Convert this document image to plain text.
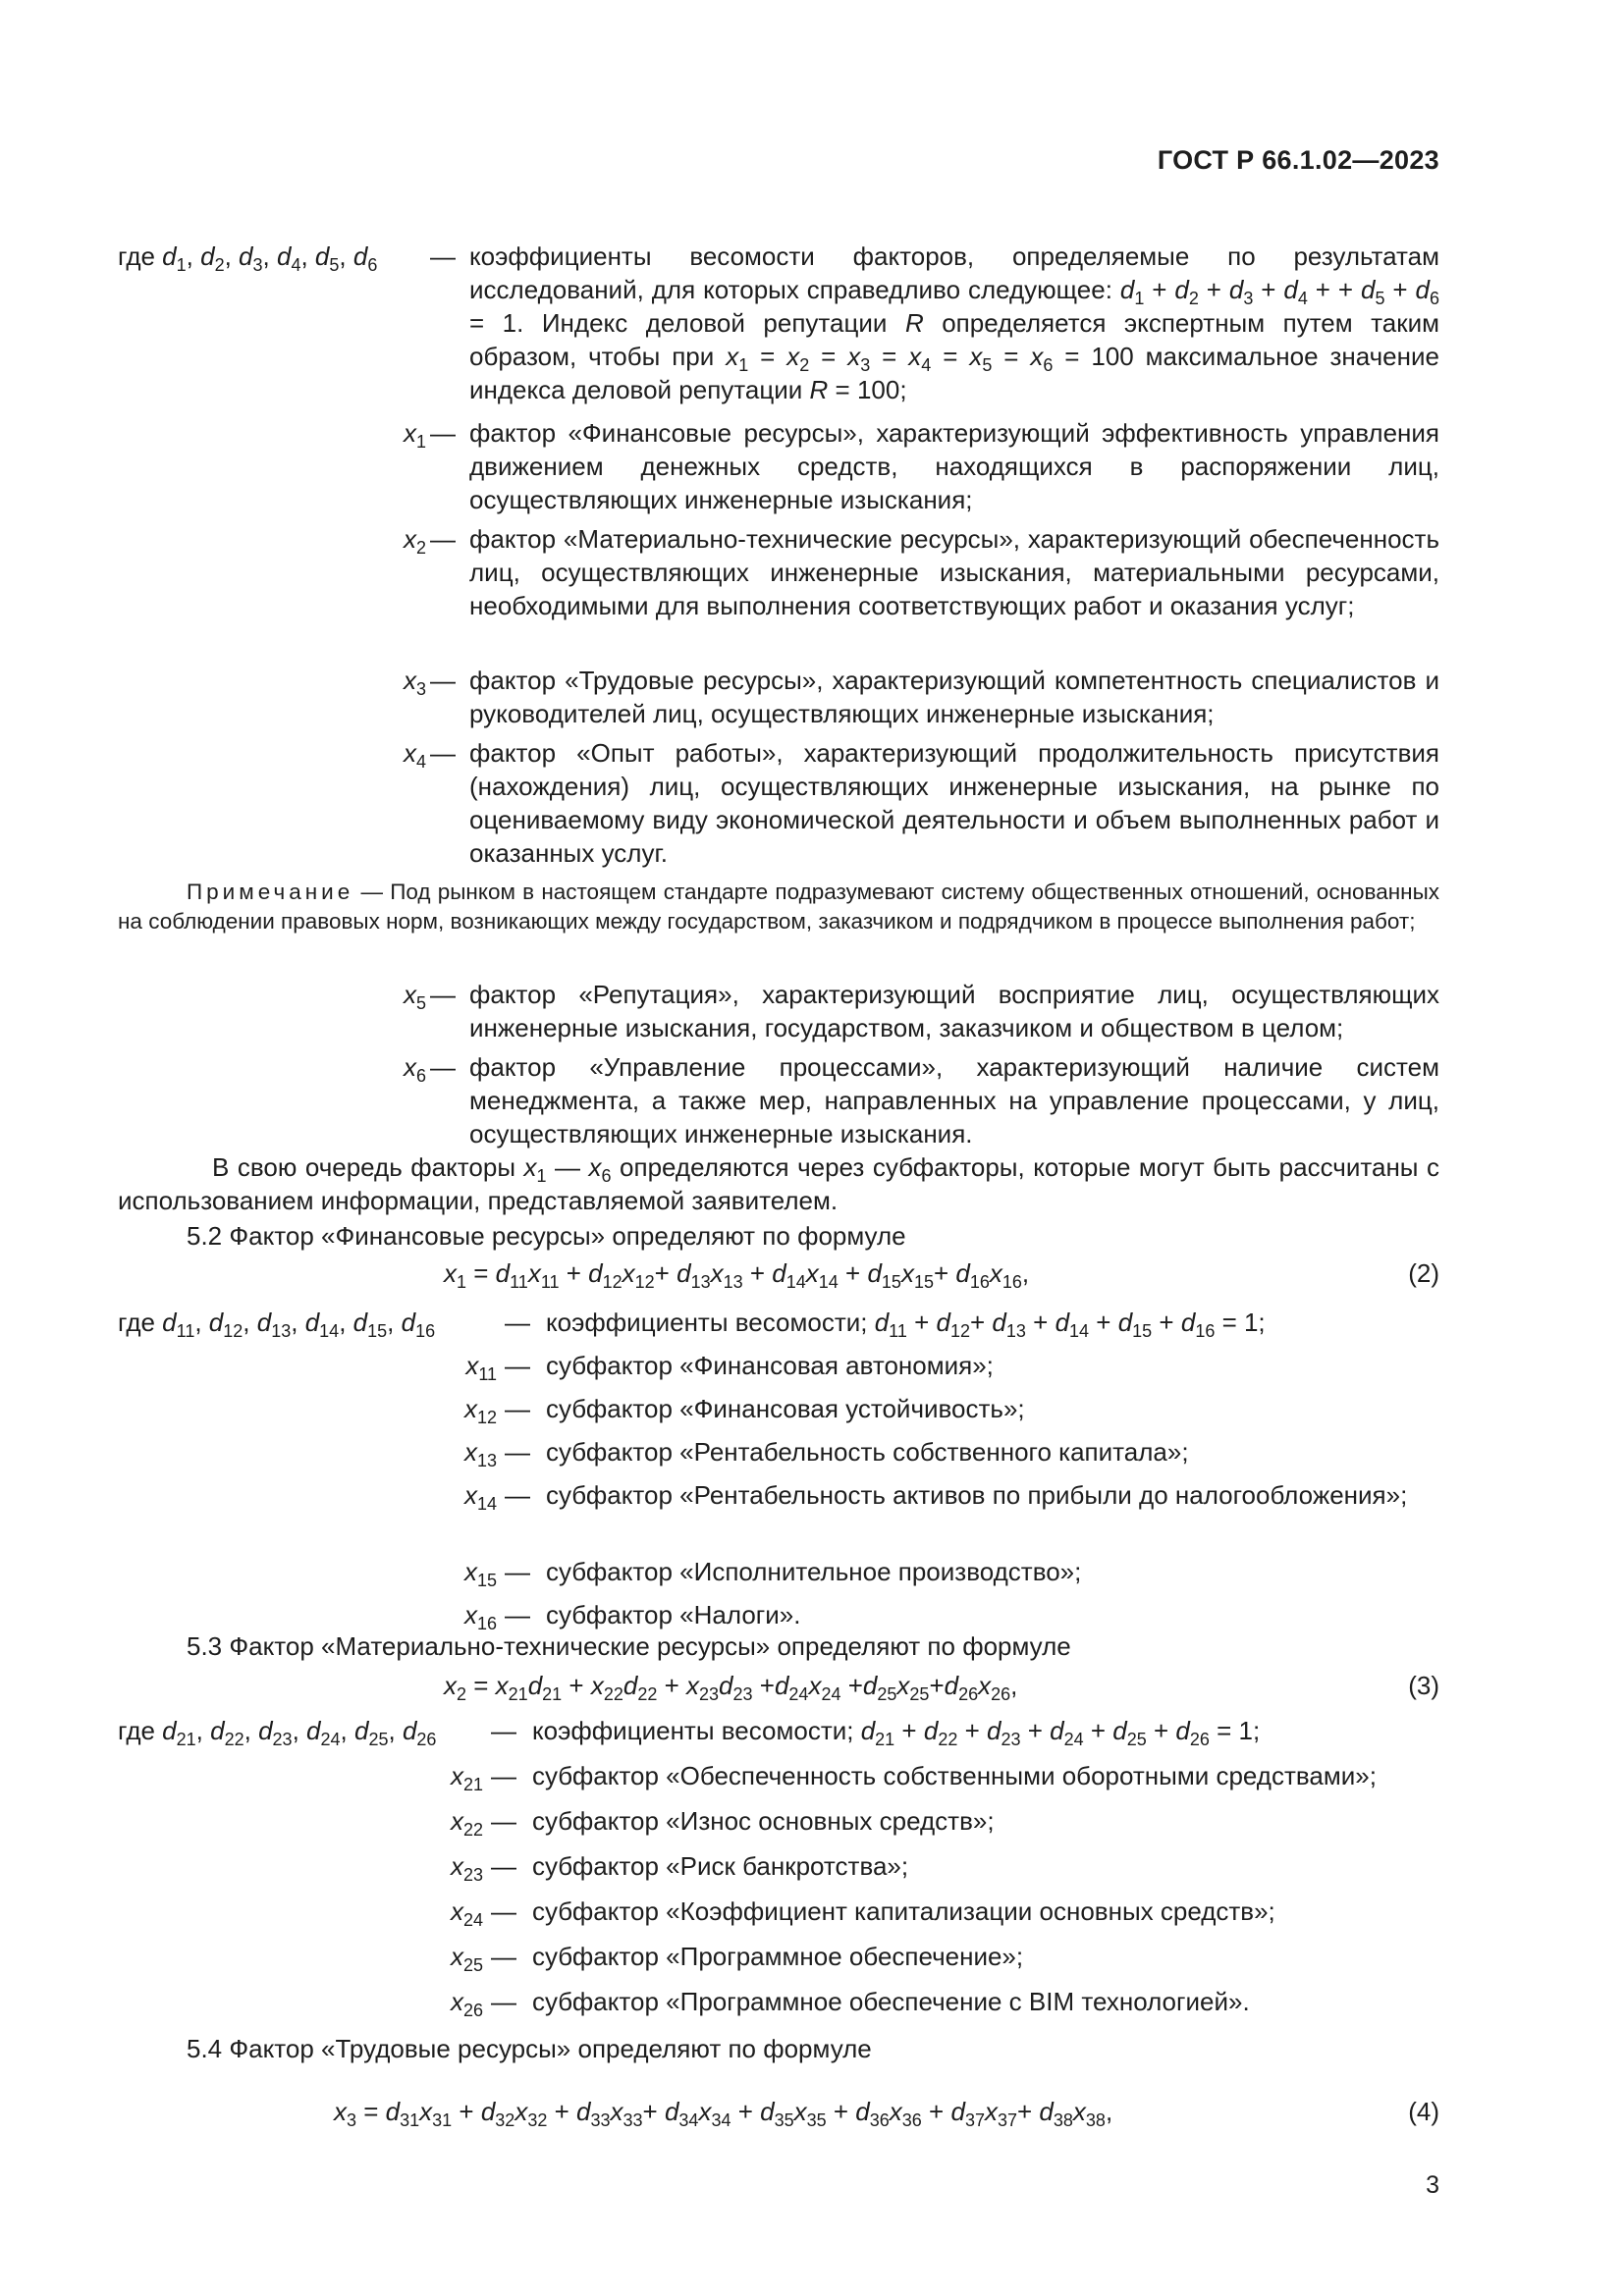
ГОСТ Р 66.1.02—2023
где $d_1$, $d_2$, $d_3$, $d_4$, $d_5$, $d_6$ — коэффициенты весомости факторов, определяемые по результатам исследований, для которых справедливо следующее: $d_1 + d_2 + d_3 + d_4$ + + $d_5 + d_6 = 1$. Индекс деловой репутации R определяется экспертным путем таким образом, чтобы при $x_1 = x_2 = x_3 = x_4 = x_5 = x_6 = 100$ максимальное значение индекса деловой репутации R = 100;
$x_1$ — фактор «Финансовые ресурсы», характеризующий эффективность управления движением денежных средств, находящихся в распоряжении лиц, осуществляющих инженерные изыскания;
$x_2$ — фактор «Материально-технические ресурсы», характеризующий обеспеченность лиц, осуществляющих инженерные изыскания, материальными ресурсами, необходимыми для выполнения соответствующих работ и оказания услуг;
$x_3$ — фактор «Трудовые ресурсы», характеризующий компетентность специалистов и руководителей лиц, осуществляющих инженерные изыскания;
$x_4$ — фактор «Опыт работы», характеризующий продолжительность присутствия (нахождения) лиц, осуществляющих инженерные изыскания, на рынке по оцениваемому виду экономической деятельности и объем выполненных работ и оказанных услуг.
Примечание — Под рынком в настоящем стандарте подразумевают систему общественных отношений, основанных на соблюдении правовых норм, возникающих между государством, заказчиком и подрядчиком в процессе выполнения работ;
$x_5$ — фактор «Репутация», характеризующий восприятие лиц, осуществляющих инженерные изыскания, государством, заказчиком и обществом в целом;
$x_6$ — фактор «Управление процессами», характеризующий наличие систем менеджмента, а также мер, направленных на управление процессами, у лиц, осуществляющих инженерные изыскания.
В свою очередь факторы $x_1$ — $x_6$ определяются через субфакторы, которые могут быть рассчитаны с использованием информации, представляемой заявителем.
5.2 Фактор «Финансовые ресурсы» определяют по формуле
$x_1 = d_{11}x_{11} + d_{12}x_{12}+ d_{13}x_{13} + d_{14}x_{14} + d_{15}x_{15}+ d_{16}x_{16}$,	(2)
где $d_{11}$, $d_{12}$, $d_{13}$, $d_{14}$, $d_{15}$, $d_{16}$	— коэффициенты весомости; $d_{11} + d_{12}+ d_{13} + d_{14} + d_{15} + d_{16} = 1$;
$x_{11}$ — субфактор «Финансовая автономия»;
$x_{12}$ — субфактор «Финансовая устойчивость»;
$x_{13}$ — субфактор «Рентабельность собственного капитала»;
$x_{14}$ — субфактор «Рентабельность активов по прибыли до налогообложения»;
$x_{15}$ — субфактор «Исполнительное производство»;
$x_{16}$ — субфактор «Налоги».
5.3 Фактор «Материально-технические ресурсы» определяют по формуле
$x_2 = x_{21}d_{21} + x_{22}d_{22} + x_{23}d_{23} +d_{24}x_{24} +d_{25}x_{25}+d_{26}x_{26}$,	(3)
где $d_{21}$, $d_{22}$, $d_{23}$, $d_{24}$, $d_{25}$, $d_{26}$ — коэффициенты весомости; $d_{21} + d_{22} + d_{23} + d_{24} + d_{25} + d_{26} = 1$;
$x_{21}$ — субфактор «Обеспеченность собственными оборотными средствами»;
$x_{22}$ — субфактор «Износ основных средств»;
$x_{23}$ — субфактор «Риск банкротства»;
$x_{24}$ — субфактор «Коэффициент капитализации основных средств»;
$x_{25}$ — субфактор «Программное обеспечение»;
$x_{26}$ — субфактор «Программное обеспечение с BIM технологией».
5.4 Фактор «Трудовые ресурсы» определяют по формуле
$x_3 = d_{31}x_{31} + d_{32}x_{32} + d_{33}x_{33}+ d_{34}x_{34} + d_{35}x_{35} + d_{36}x_{36} + d_{37}x_{37}+ d_{38}x_{38}$,	(4)
3
